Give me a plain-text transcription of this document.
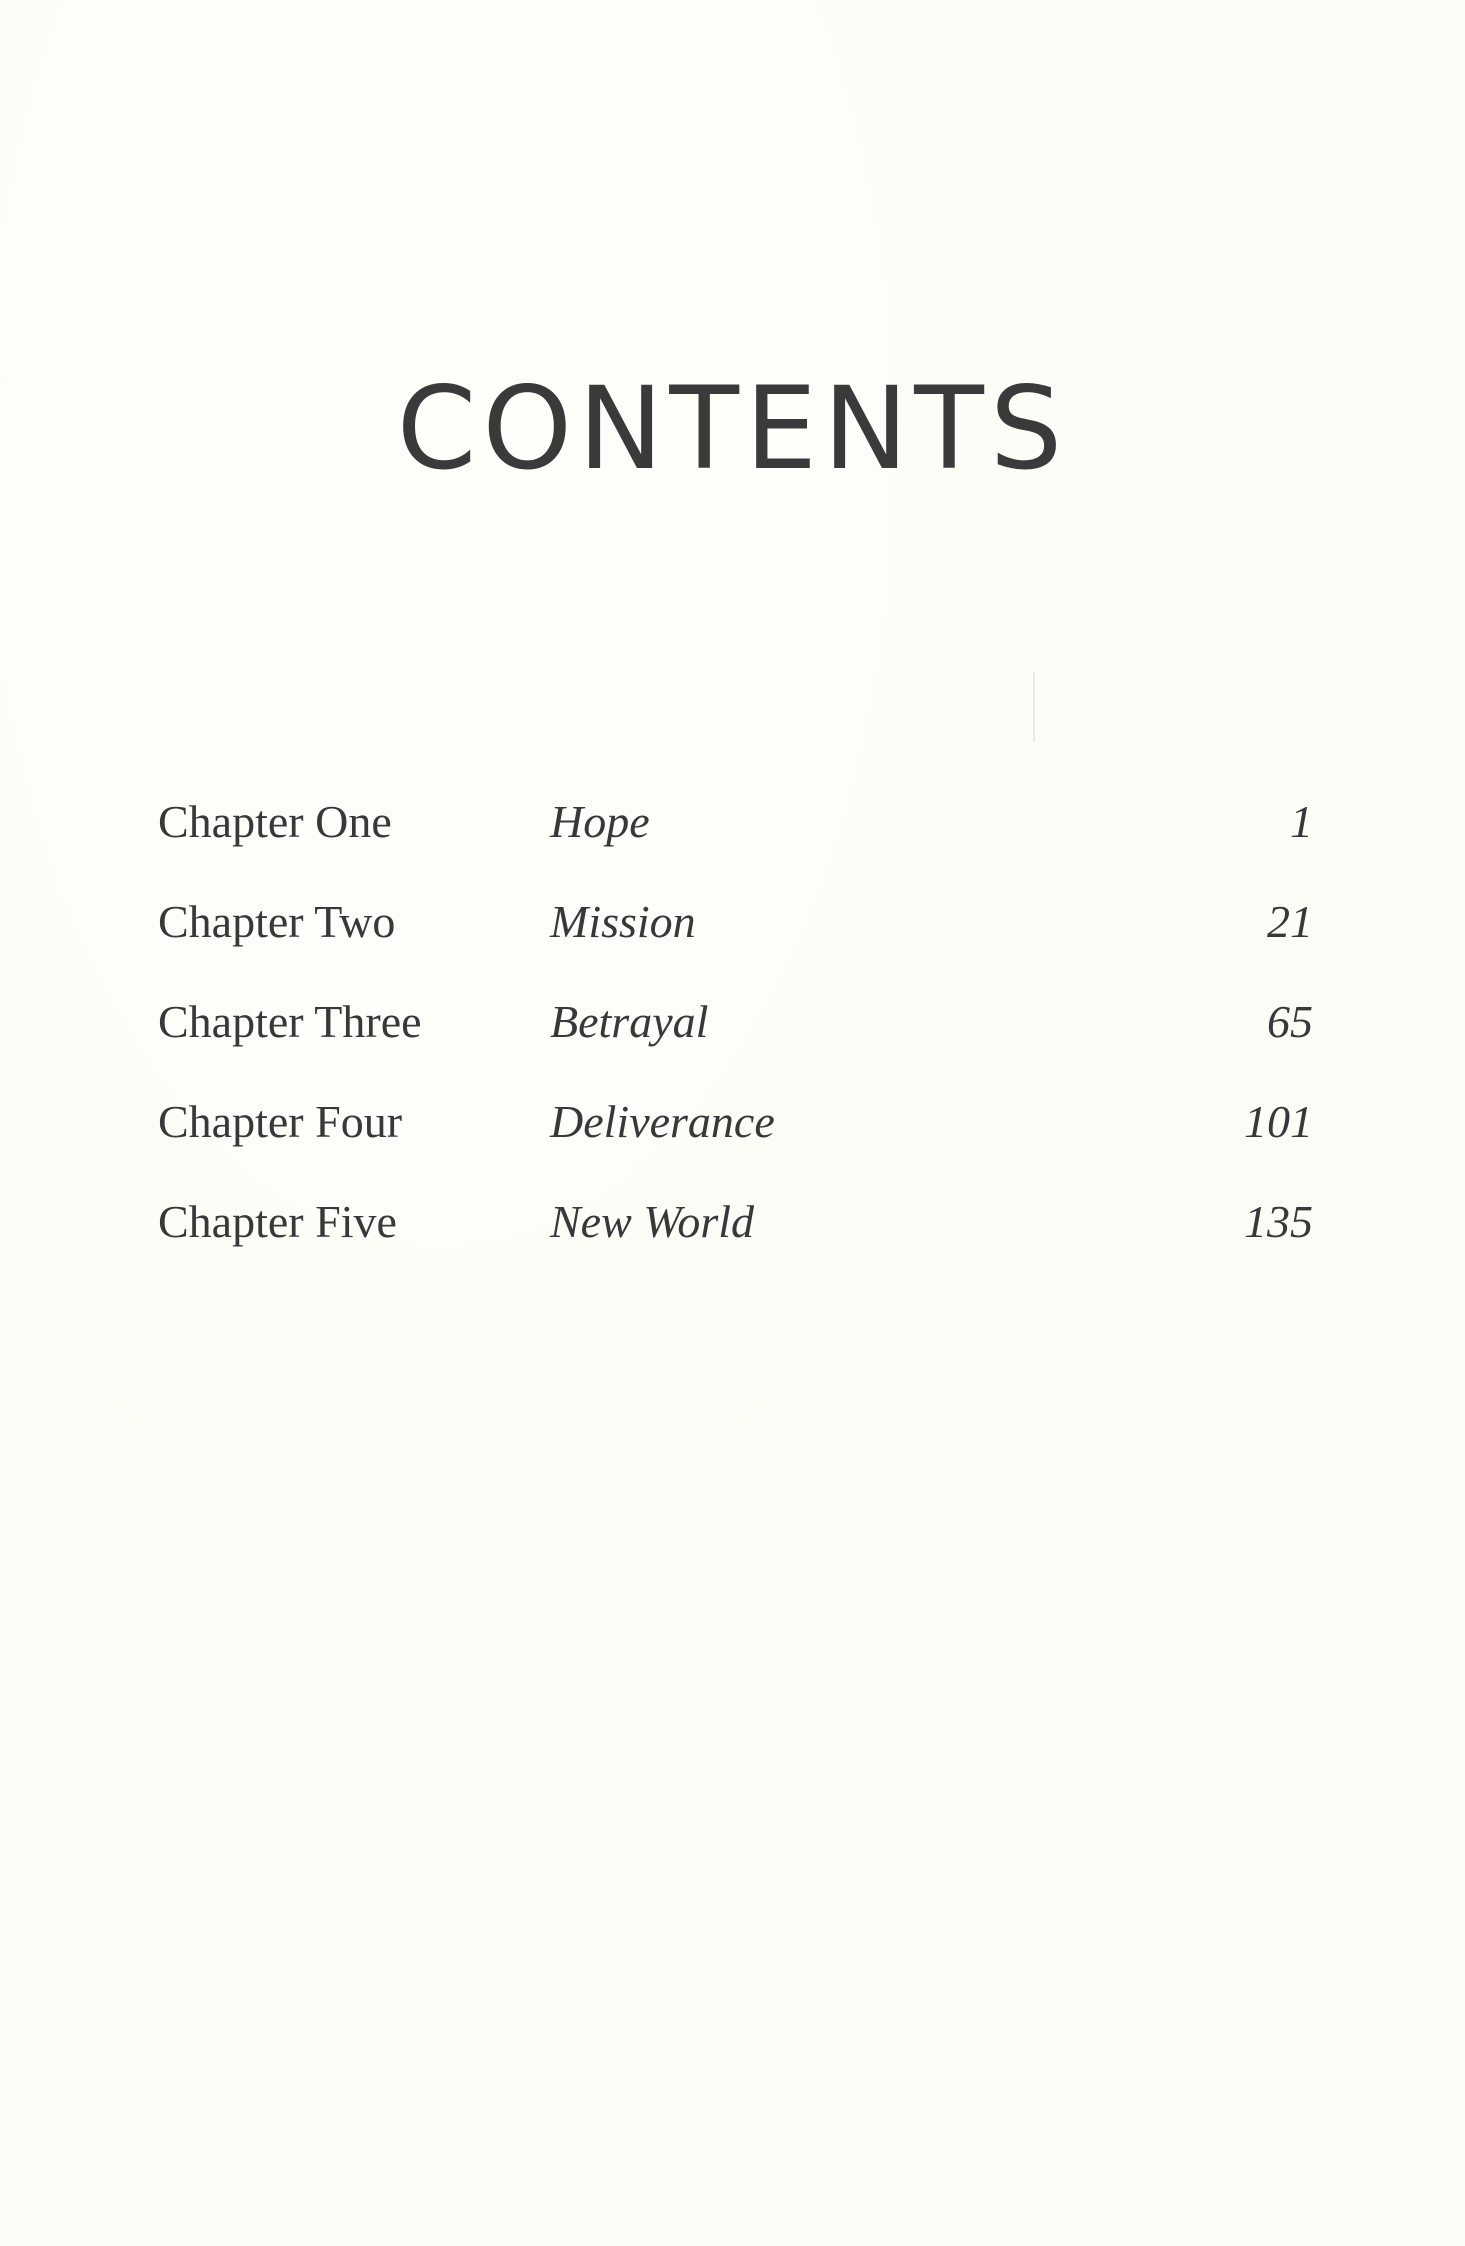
CONTENTS
Chapter One	Hope	1
Chapter Two	Mission	21
Chapter Three	Betrayal	65
Chapter Four	Deliverance	101
Chapter Five	New World	135
